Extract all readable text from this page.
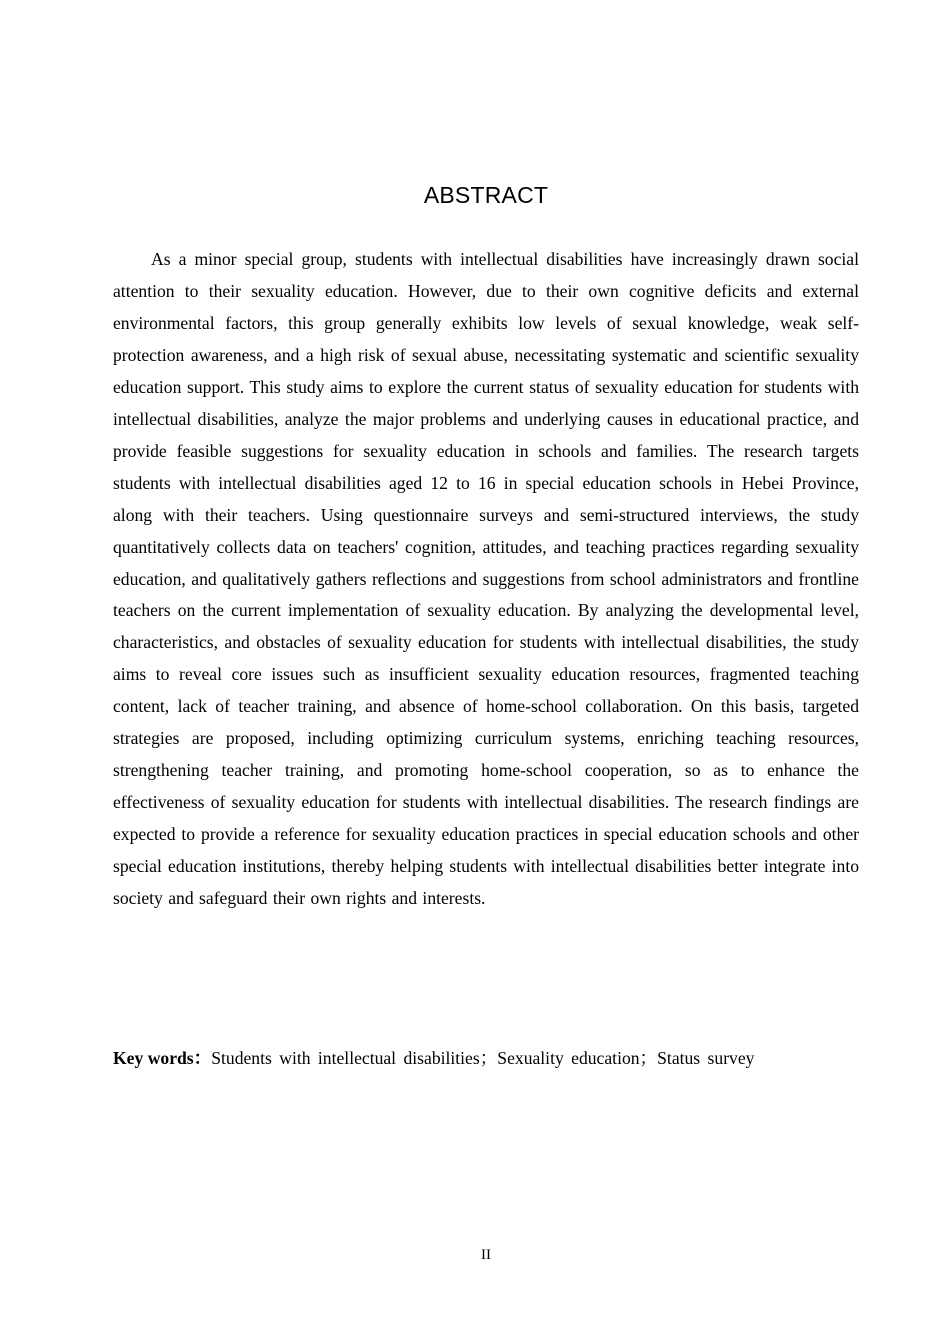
ABSTRACT

As a minor special group, students with intellectual disabilities have increasingly drawn social attention to their sexuality education. However, due to their own cognitive deficits and external environmental factors, this group generally exhibits low levels of sexual knowledge, weak self-protection awareness, and a high risk of sexual abuse, necessitating systematic and scientific sexuality education support. This study aims to explore the current status of sexuality education for students with intellectual disabilities, analyze the major problems and underlying causes in educational practice, and provide feasible suggestions for sexuality education in schools and families. The research targets students with intellectual disabilities aged 12 to 16 in special education schools in Hebei Province, along with their teachers. Using questionnaire surveys and semi-structured interviews, the study quantitatively collects data on teachers' cognition, attitudes, and teaching practices regarding sexuality education, and qualitatively gathers reflections and suggestions from school administrators and frontline teachers on the current implementation of sexuality education. By analyzing the developmental level, characteristics, and obstacles of sexuality education for students with intellectual disabilities, the study aims to reveal core issues such as insufficient sexuality education resources, fragmented teaching content, lack of teacher training, and absence of home-school collaboration. On this basis, targeted strategies are proposed, including optimizing curriculum systems, enriching teaching resources, strengthening teacher training, and promoting home-school cooperation, so as to enhance the effectiveness of sexuality education for students with intellectual disabilities. The research findings are expected to provide a reference for sexuality education practices in special education schools and other special education institutions, thereby helping students with intellectual disabilities better integrate into society and safeguard their own rights and interests.

Key words：Students with intellectual disabilities；Sexuality education；Status survey
II
